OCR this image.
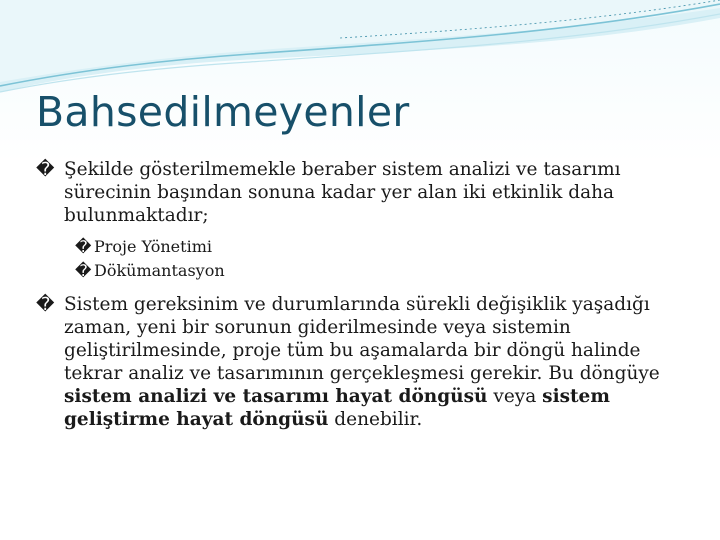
Bahsedilmeyenler
� Şekilde gösterilmemekle beraber sistem analizi ve tasarımı sürecinin başından sonuna kadar yer alan iki etkinlik daha bulunmaktadır;
� Proje Yönetimi
� Dökümantasyon
� Sistem gereksinim ve durumlarında sürekli değişiklik yaşadığı zaman, yeni bir sorunun giderilmesinde veya sistemin geliştirilmesinde, proje tüm bu aşamalarda bir döngü halinde tekrar analiz ve tasarımının gerçekleşmesi gerekir. Bu döngüye sistem analizi ve tasarımı hayat döngüsü veya sistem geliştirme hayat döngüsü denebilir.
